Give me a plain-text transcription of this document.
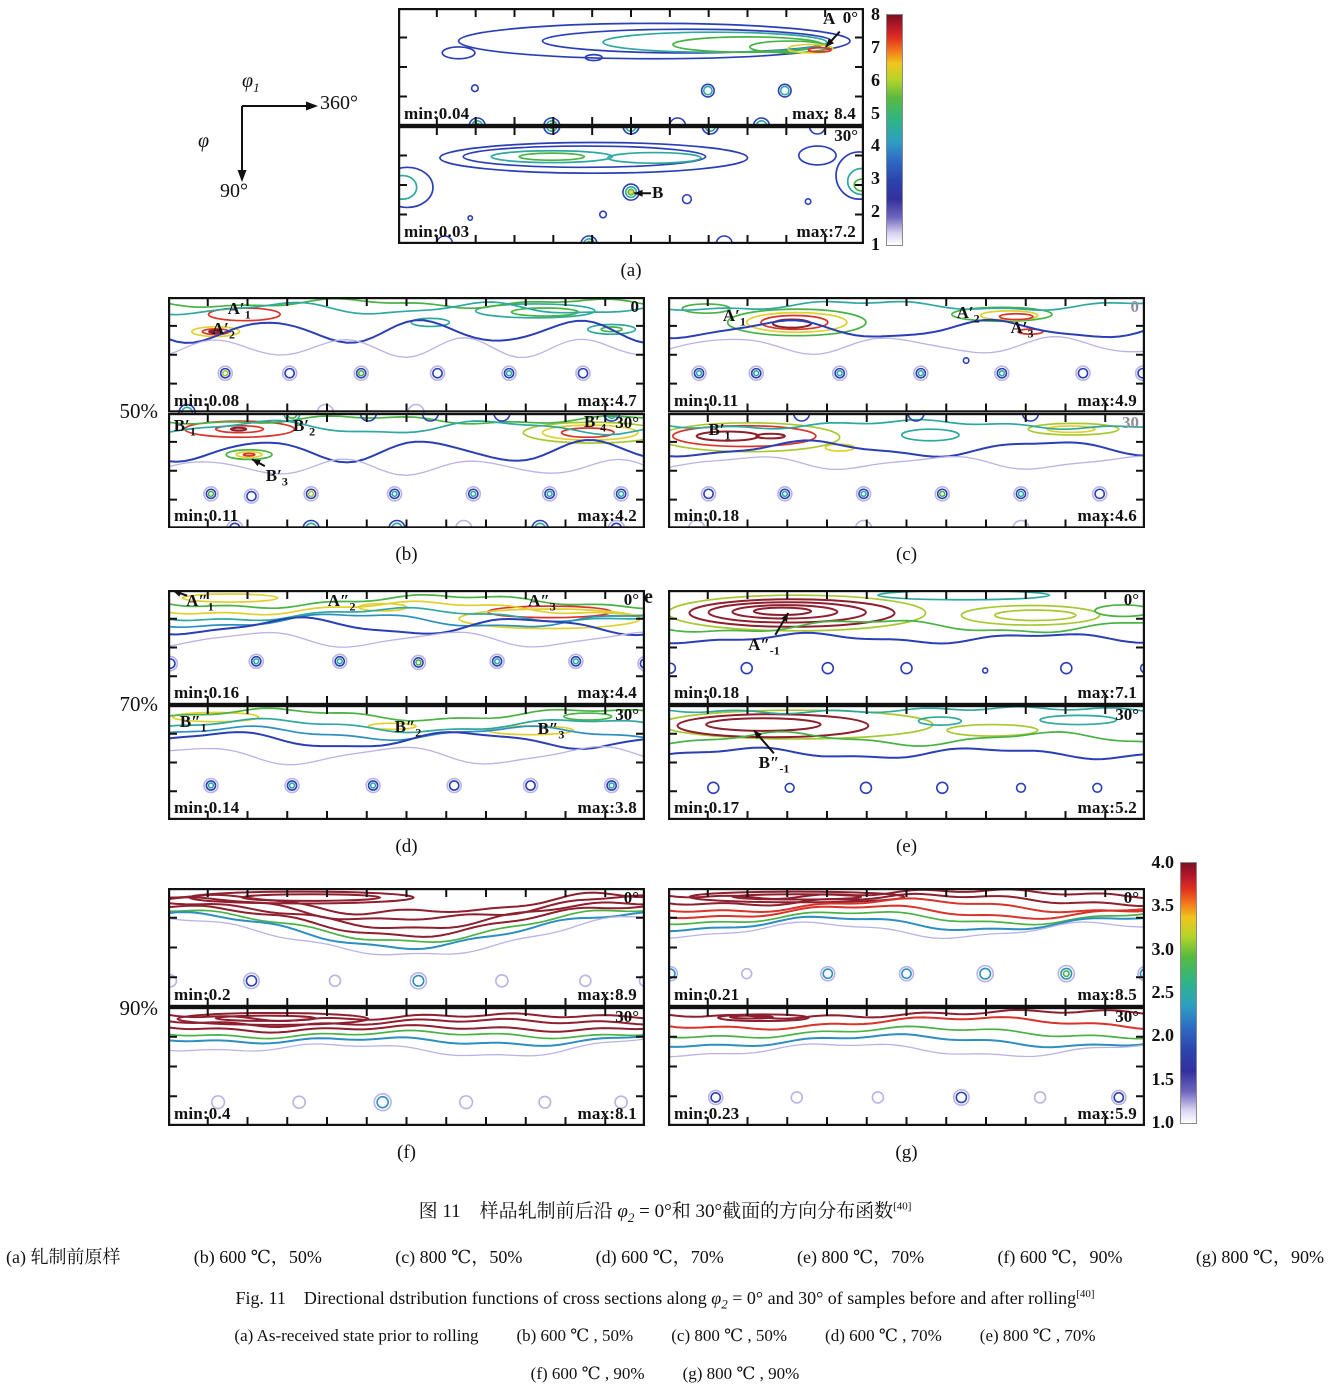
$\varphi_1$
360°
φ
90°
50%
70%
90%
8
7
6
5
4
3
2
1
4.0
3.5
3.0
2.5
2.0
1.5
1.0
图 11　样品轧制前后沿 $\varphi_2 = 0^\circ$和 30°截面的方向分布函数[40]
(a) 轧制前原样	(b) 600 ℃，50%	(c) 800 ℃，50%	(d) 600 ℃，70%	(e) 800 ℃，70%	(f) 600 ℃，90%	(g) 800 ℃，90%
Fig. 11　Directional dstribution functions of cross sections along $\varphi_2 = 0^\circ$ and 30° of samples before and after rolling[40]
(a) As-received state prior to rolling (b) 600 ℃ , 50% (c) 800 ℃ , 50% (d) 600 ℃ , 70% (e) 800 ℃ , 70%
(f) 600 ℃ , 90% (g) 800 ℃ , 90%
A 0°
min:0.04	max: 8.4
B
30°
min:0.03	max:7.2
(a)
$A'_1$
$A'_2$
0
min:0.08	max:4.7
$B'_1$	$B'_2$
$B'_3$
$B'_4$ 30°
min:0.11	max:4.2
(b)
$A'_1$	$A'_2$ $A'_3$
0
min:0.11	max:4.9
$B'_1$
30
min:0.18	max:4.6
(c)
$A''_1$	$A''_2$	$A''_3$	0°
min:0.16	max:4.4
$B''_1$	$B''_2$	$B''_3$
30°
min:0.14	max:3.8
(d)
$A''_{-1}$
0°
min:0.18	max:7.1
$B''_{-1}$
30°
min:0.17	max:5.2
(e)
e
0°
min:0.2	max:8.9
30°
min:0.4	max:8.1
(f)
0°
min:0.21	max:8.5
30°
min:0.23	max:5.9
(g)
